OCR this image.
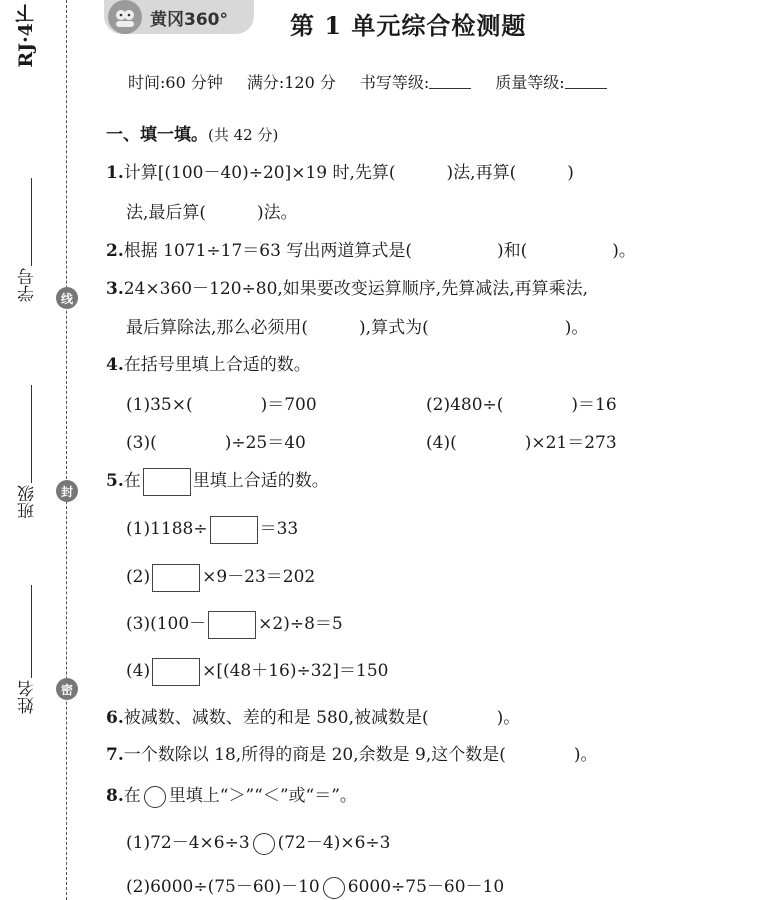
RJ·4下
学号
班级
姓名
线
封
密
黄冈360°	第 1 单元综合检测题
时间:60 分钟 满分:120 分 书写等级:	质量等级:
一、填一填。(共 42 分)
1.计算[(100－40)÷20]×19 时,先算(　　　)法,再算(　　　)
法,最后算(　　　)法。
2.根据 1071÷17＝63 写出两道算式是(　　　　　)和(　　　　　)。
3.24×360－120÷80,如果要改变运算顺序,先算减法,再算乘法,
最后算除法,那么必须用(　　　),算式为(　　　　　　　　)。
4.在括号里填上合适的数。
(1)35×(　　　　)＝700	(2)480÷(　　　　)＝16
(3)(　　　　)÷25＝40	(4)(　　　　)×21＝273
5.在	里填上合适的数。
(1)1188÷	＝33
(2)	×9－23＝202
(3)(100－	×2)÷8＝5
(4)	×[(48＋16)÷32]＝150
6.被减数、减数、差的和是 580,被减数是(　　　　)。
7.一个数除以 18,所得的商是 20,余数是 9,这个数是(　　　　)。
8.在 里填上“＞”“＜”或“＝”。
(1)72－4×6÷3 (72－4)×6÷3
(2)6000÷(75－60)－10 6000÷75－60－10
